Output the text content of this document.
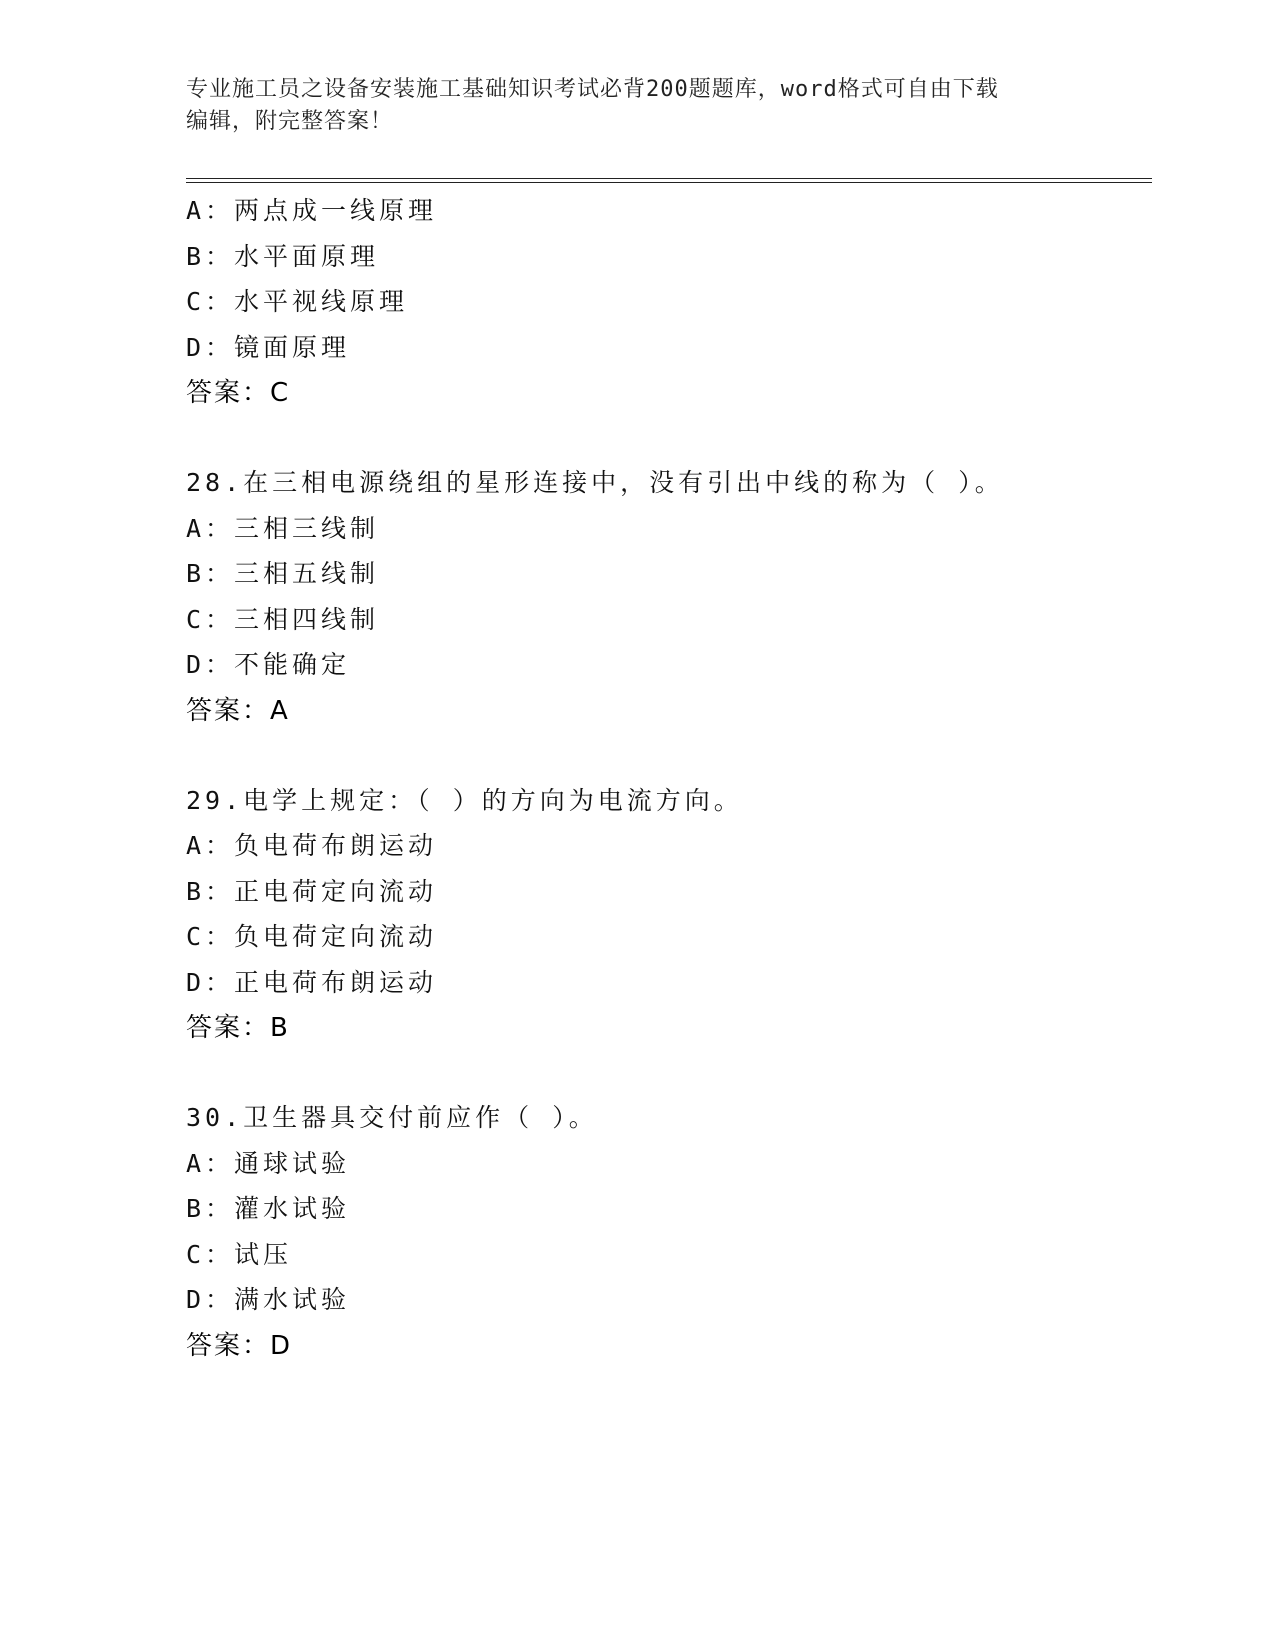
专业施工员之设备安装施工基础知识考试必背200题题库，word格式可自由下载
编辑，附完整答案！
A：两点成一线原理
B：水平面原理
C：水平视线原理
D：镜面原理
答案：C
28.在三相电源绕组的星形连接中，没有引出中线的称为（ ）。
A：三相三线制
B：三相五线制
C：三相四线制
D：不能确定
答案：A
29.电学上规定：（ ）的方向为电流方向。
A：负电荷布朗运动
B：正电荷定向流动
C：负电荷定向流动
D：正电荷布朗运动
答案：B
30.卫生器具交付前应作（ ）。
A：通球试验
B：灌水试验
C：试压
D：满水试验
答案：D
